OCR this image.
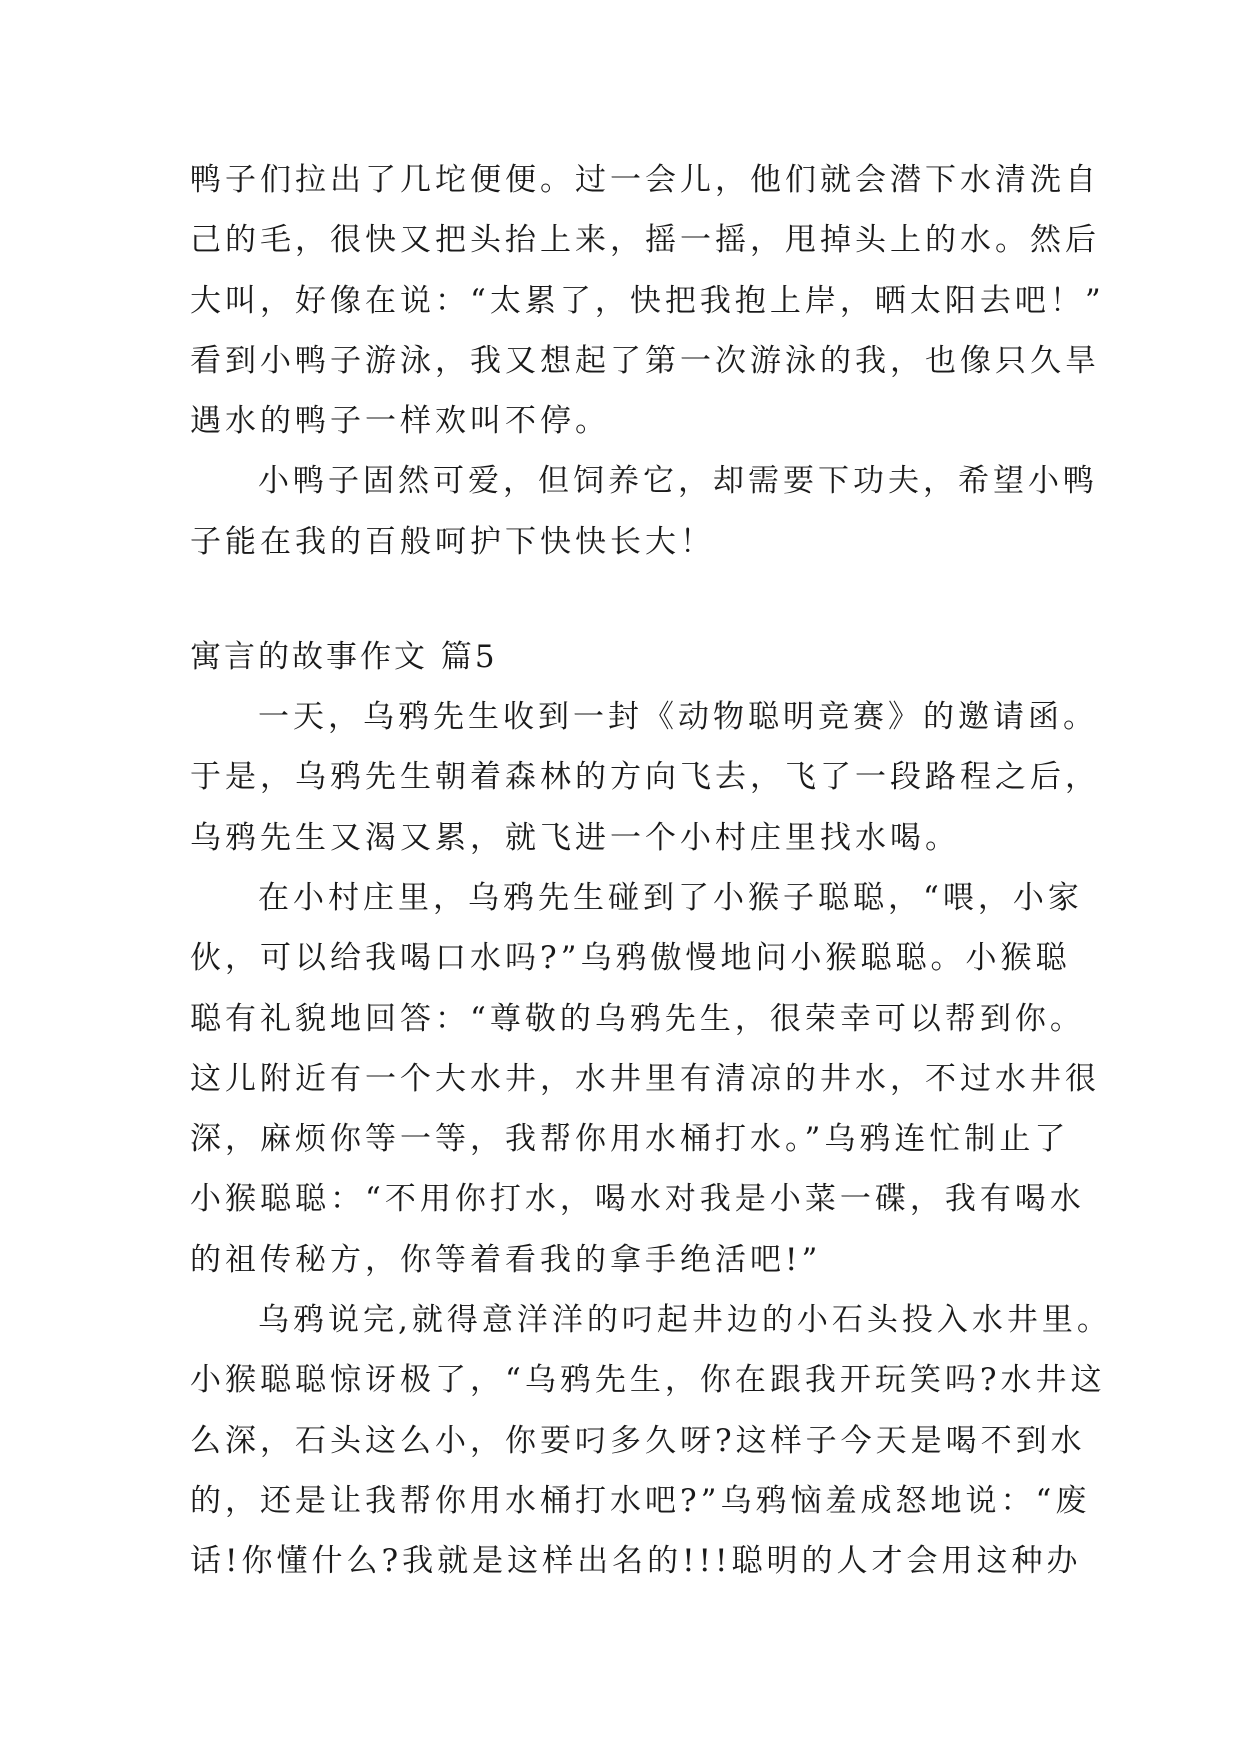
鸭子们拉出了几坨便便。过一会儿，他们就会潜下水清洗自
己的毛，很快又把头抬上来，摇一摇，甩掉头上的水。然后
大叫，好像在说：“太累了，快把我抱上岸，晒太阳去吧！”
看到小鸭子游泳，我又想起了第一次游泳的我，也像只久旱
遇水的鸭子一样欢叫不停。
小鸭子固然可爱，但饲养它，却需要下功夫，希望小鸭
子能在我的百般呵护下快快长大！
寓言的故事作文 篇5
一天，乌鸦先生收到一封《动物聪明竞赛》的邀请函。
于是，乌鸦先生朝着森林的方向飞去，飞了一段路程之后，
乌鸦先生又渴又累，就飞进一个小村庄里找水喝。
在小村庄里，乌鸦先生碰到了小猴子聪聪，“喂，小家
伙，可以给我喝口水吗?”乌鸦傲慢地问小猴聪聪。小猴聪
聪有礼貌地回答：“尊敬的乌鸦先生，很荣幸可以帮到你。
这儿附近有一个大水井，水井里有清凉的井水，不过水井很
深，麻烦你等一等，我帮你用水桶打水。”乌鸦连忙制止了
小猴聪聪：“不用你打水，喝水对我是小菜一碟，我有喝水
的祖传秘方，你等着看我的拿手绝活吧!”
乌鸦说完,就得意洋洋的叼起井边的小石头投入水井里。
小猴聪聪惊讶极了，“乌鸦先生，你在跟我开玩笑吗?水井这
么深，石头这么小，你要叼多久呀?这样子今天是喝不到水
的，还是让我帮你用水桶打水吧?”乌鸦恼羞成怒地说：“废
话!你懂什么?我就是这样出名的!!!聪明的人才会用这种办
